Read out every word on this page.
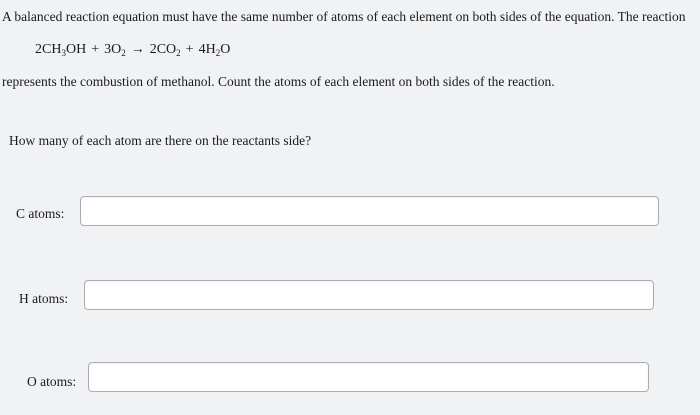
A balanced reaction equation must have the same number of atoms of each element on both sides of the equation. The reaction
$2CH_3OH + 3O_2 \to 2CO_2 + 4H_2O$
represents the combustion of methanol. Count the atoms of each element on both sides of the reaction.
How many of each atom are there on the reactants side?
C atoms:
H atoms:
O atoms:
